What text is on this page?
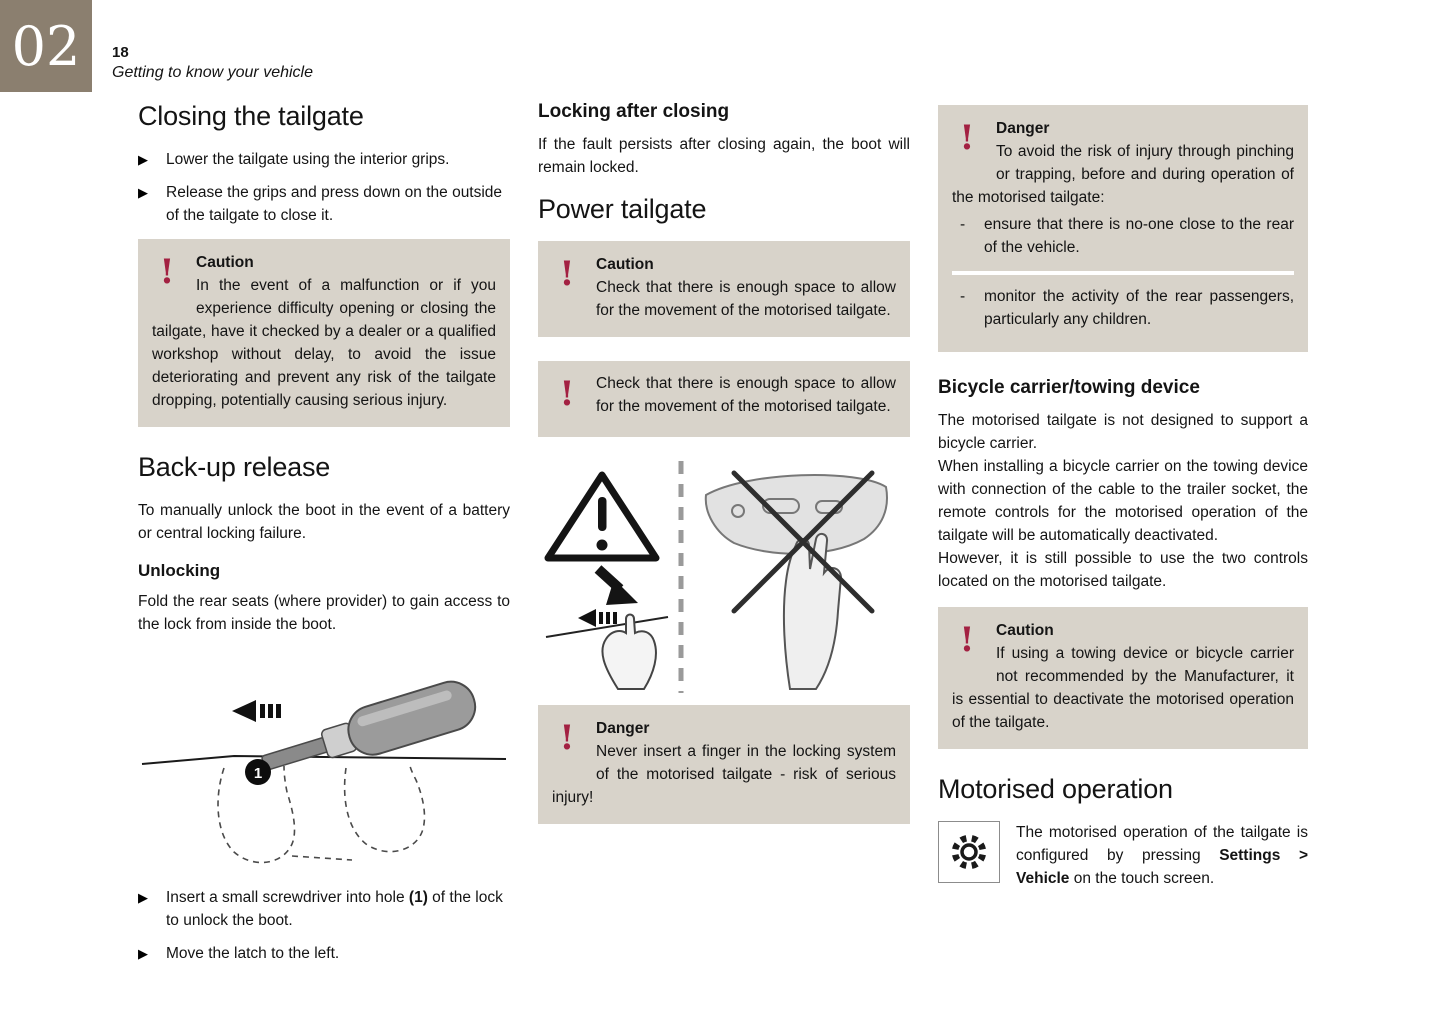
02	18
Getting to know your vehicle
Closing the tailgate
▶	Lower the tailgate using the interior grips.
▶	Release the grips and press down on the outside of the tailgate to close it.
!	Caution
In the event of a malfunction or if you experience difficulty opening or closing the tailgate, have it checked by a dealer or a qualified workshop without delay, to avoid the issue deteriorating and prevent any risk of the tailgate dropping, potentially causing serious injury.
Back-up release

To manually unlock the boot in the event of a battery or central locking failure.

Unlocking

Fold the rear seats (where provider) to gain access to the lock from inside the boot.

1
▶	Insert a small screwdriver into hole (1) of the lock to unlock the boot.
▶	Move the latch to the left.
Locking after closing

If the fault persists after closing again, the boot will remain locked.

Power tailgate
!	Caution
Check that there is enough space to allow for the movement of the motorised tailgate.
!	Check that there is enough space to allow for the movement of the motorised tailgate.
!	Danger
Never insert a finger in the locking system of the motorised tailgate - risk of serious injury!
!	Danger
To avoid the risk of injury through pinching or trapping, before and during operation of the motorised tailgate:
-	ensure that there is no-one close to the rear of the vehicle.
-	monitor the activity of the rear passengers, particularly any children.
Bicycle carrier/towing device

The motorised tailgate is not designed to support a bicycle carrier.

When installing a bicycle carrier on the towing device with connection of the cable to the trailer socket, the remote controls for the motorised operation of the tailgate will be automatically deactivated.

However, it is still possible to use the two controls located on the motorised tailgate.

!	Caution
If using a towing device or bicycle carrier not recommended by the Manufacturer, it is essential to deactivate the motorised operation of the tailgate.
Motorised operation
The motorised operation of the tailgate is configured by pressing Settings > Vehicle on the touch screen.
